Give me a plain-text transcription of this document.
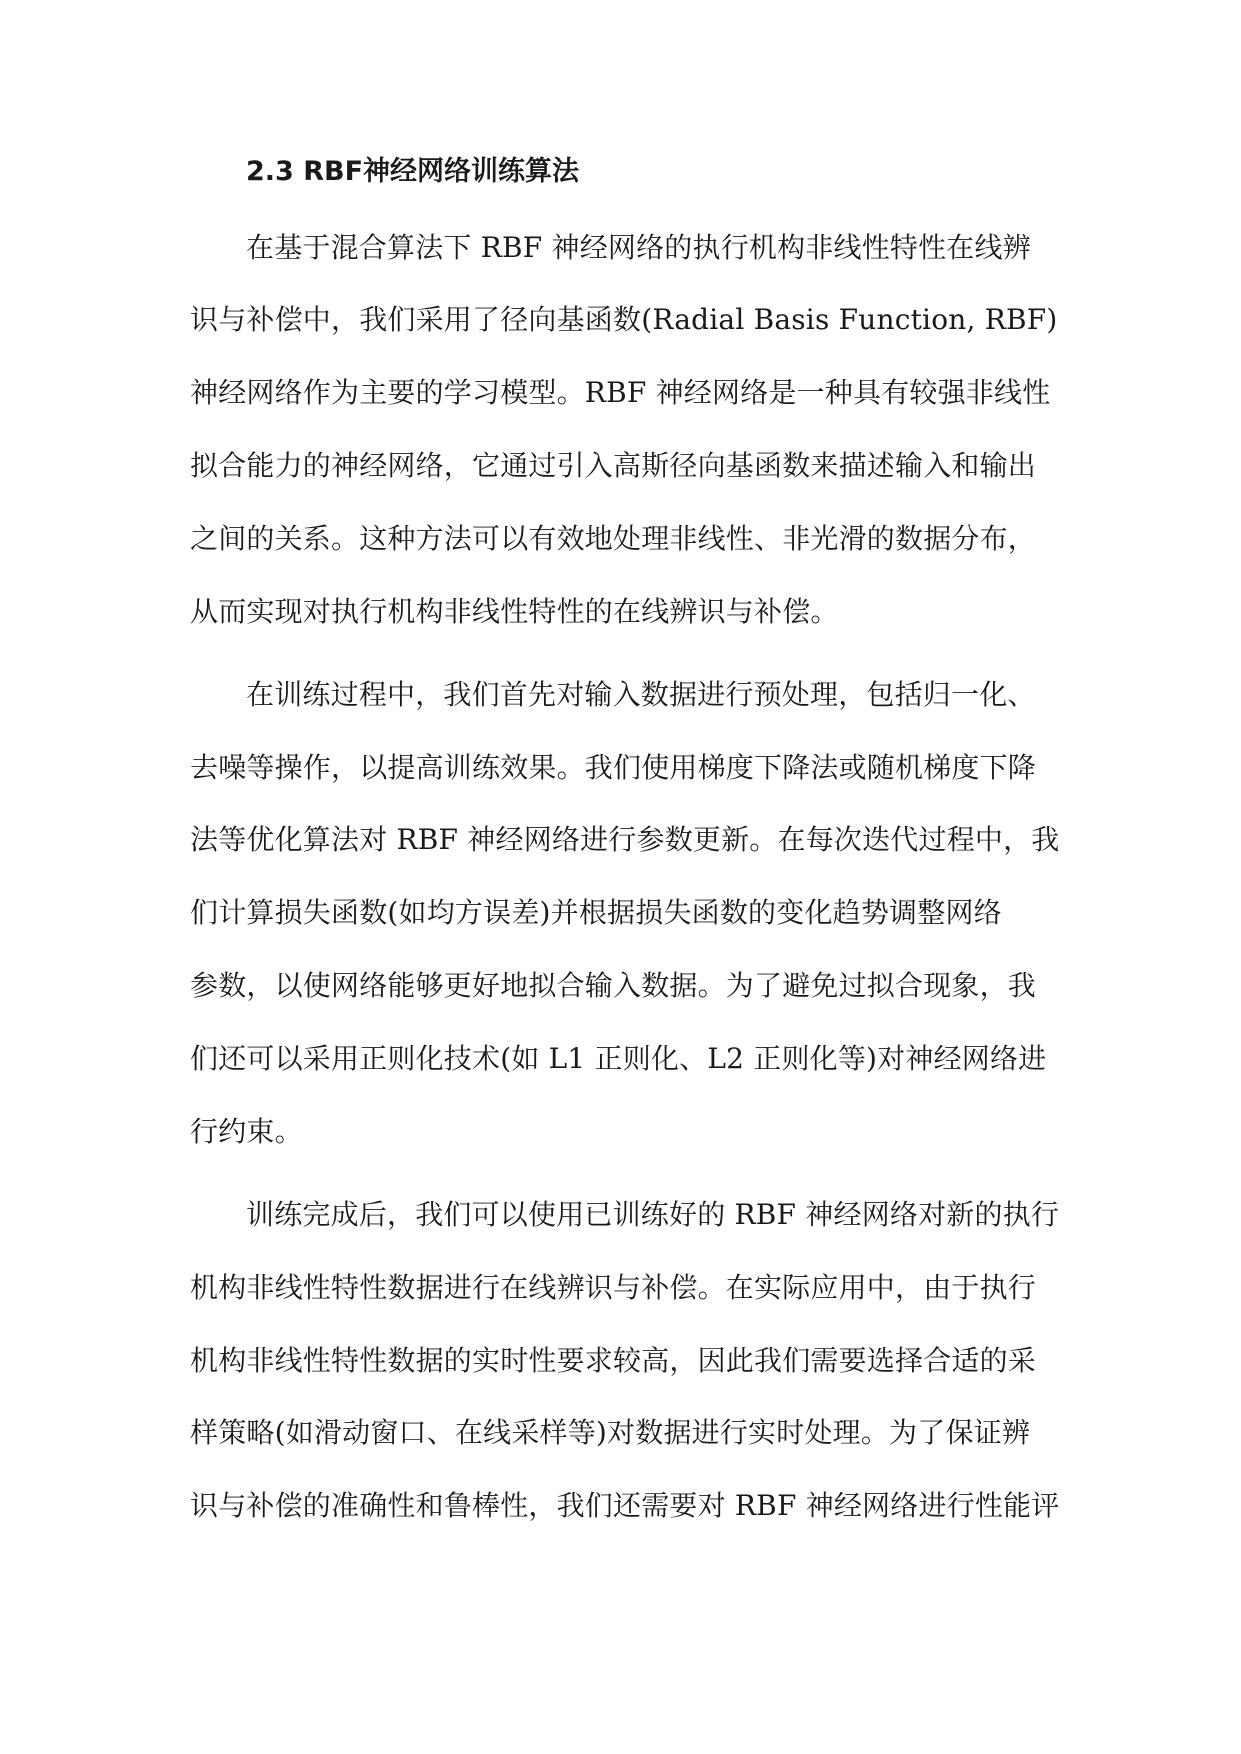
2.3 RBF神经网络训练算法
在基于混合算法下 RBF 神经网络的执行机构非线性特性在线辨
识与补偿中，我们采用了径向基函数(Radial Basis Function, RBF)
神经网络作为主要的学习模型。RBF 神经网络是一种具有较强非线性
拟合能力的神经网络，它通过引入高斯径向基函数来描述输入和输出
之间的关系。这种方法可以有效地处理非线性、非光滑的数据分布，
从而实现对执行机构非线性特性的在线辨识与补偿。
在训练过程中，我们首先对输入数据进行预处理，包括归一化、
去噪等操作，以提高训练效果。我们使用梯度下降法或随机梯度下降
法等优化算法对 RBF 神经网络进行参数更新。在每次迭代过程中，我
们计算损失函数(如均方误差)并根据损失函数的变化趋势调整网络
参数，以使网络能够更好地拟合输入数据。为了避免过拟合现象，我
们还可以采用正则化技术(如 L1 正则化、L2 正则化等)对神经网络进
行约束。
训练完成后，我们可以使用已训练好的 RBF 神经网络对新的执行
机构非线性特性数据进行在线辨识与补偿。在实际应用中，由于执行
机构非线性特性数据的实时性要求较高，因此我们需要选择合适的采
样策略(如滑动窗口、在线采样等)对数据进行实时处理。为了保证辨
识与补偿的准确性和鲁棒性，我们还需要对 RBF 神经网络进行性能评
